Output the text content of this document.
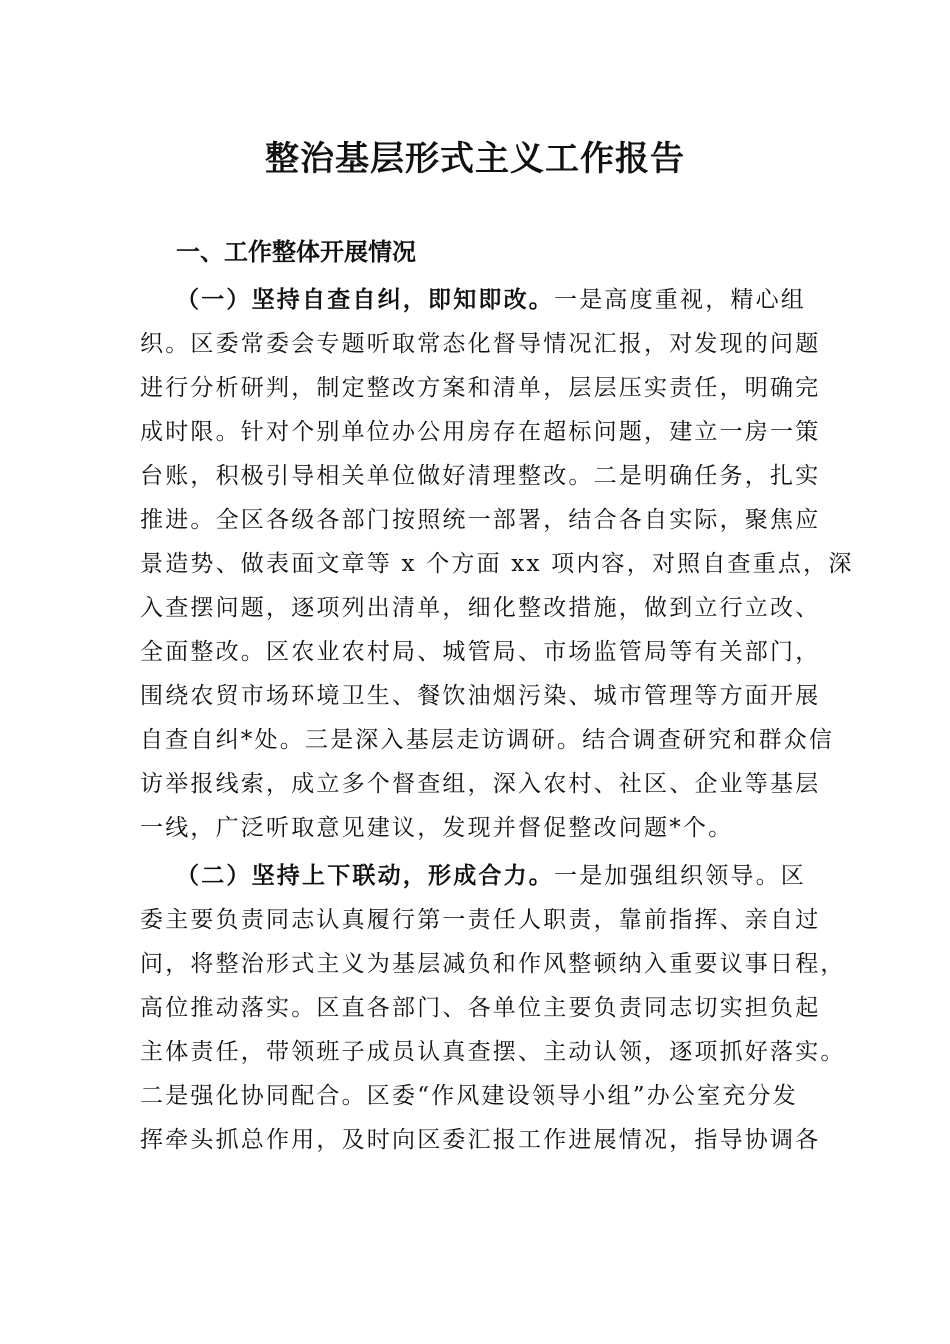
整治基层形式主义工作报告
一、工作整体开展情况
（一）坚持自查自纠，即知即改。一是高度重视，精心组
织。区委常委会专题听取常态化督导情况汇报，对发现的问题
进行分析研判，制定整改方案和清单，层层压实责任，明确完
成时限。针对个别单位办公用房存在超标问题，建立一房一策
台账，积极引导相关单位做好清理整改。二是明确任务，扎实
推进。全区各级各部门按照统一部署，结合各自实际，聚焦应
景造势、做表面文章等 x 个方面 xx 项内容，对照自查重点，深
入查摆问题，逐项列出清单，细化整改措施，做到立行立改、
全面整改。区农业农村局、城管局、市场监管局等有关部门，
围绕农贸市场环境卫生、餐饮油烟污染、城市管理等方面开展
自查自纠*处。三是深入基层走访调研。结合调查研究和群众信
访举报线索，成立多个督查组，深入农村、社区、企业等基层
一线，广泛听取意见建议，发现并督促整改问题*个。
（二）坚持上下联动，形成合力。一是加强组织领导。区
委主要负责同志认真履行第一责任人职责，靠前指挥、亲自过
问，将整治形式主义为基层减负和作风整顿纳入重要议事日程，
高位推动落实。区直各部门、各单位主要负责同志切实担负起
主体责任，带领班子成员认真查摆、主动认领，逐项抓好落实。
二是强化协同配合。区委“作风建设领导小组”办公室充分发
挥牵头抓总作用，及时向区委汇报工作进展情况，指导协调各
